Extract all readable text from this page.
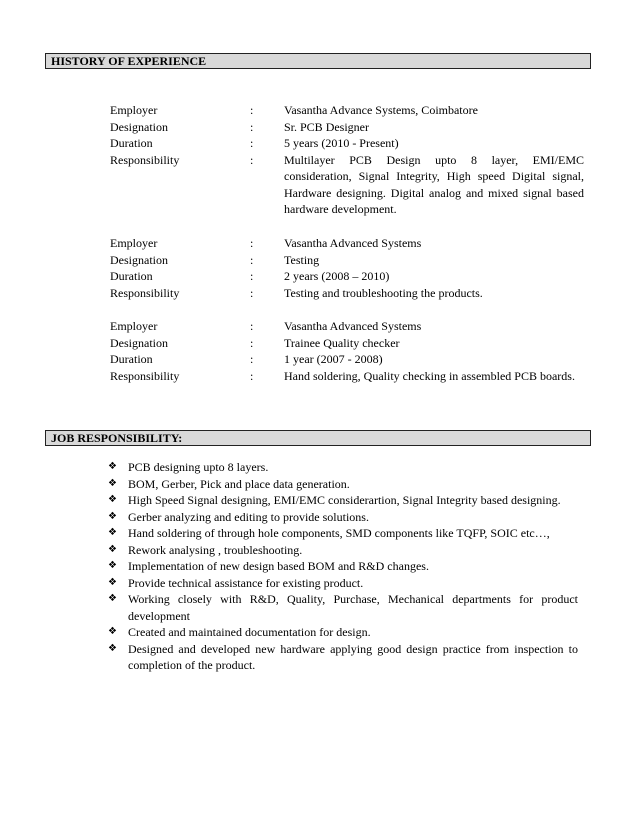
HISTORY OF EXPERIENCE
Employer	:	Vasantha Advance Systems, Coimbatore
Designation	:	Sr. PCB Designer
Duration	:	5 years (2010 - Present)
Responsibility	:	Multilayer PCB Design upto 8 layer, EMI/EMC consideration, Signal Integrity, High speed Digital signal, Hardware designing. Digital analog and mixed signal based hardware development.
Employer	:	Vasantha Advanced Systems
Designation	:	Testing
Duration	:	2 years (2008 – 2010)
Responsibility	:	Testing and troubleshooting the products.
Employer	:	Vasantha Advanced Systems
Designation	:	Trainee Quality checker
Duration	:	1 year (2007 - 2008)
Responsibility	:	Hand soldering, Quality checking in assembled PCB boards.
JOB RESPONSIBILITY:
❖ PCB designing upto 8 layers.
❖ BOM, Gerber, Pick and place data generation.
❖ High Speed Signal designing, EMI/EMC considerartion, Signal Integrity based designing.
❖ Gerber analyzing and editing to provide solutions.
❖ Hand soldering of through hole components, SMD components like TQFP, SOIC etc…,
❖ Rework analysing , troubleshooting.
❖ Implementation of new design based BOM and R&D changes.
❖ Provide technical assistance for existing product.
❖ Working closely with R&D, Quality, Purchase, Mechanical departments for product development
❖ Created and maintained documentation for design.
❖ Designed and developed new hardware applying good design practice from inspection to completion of the product.
